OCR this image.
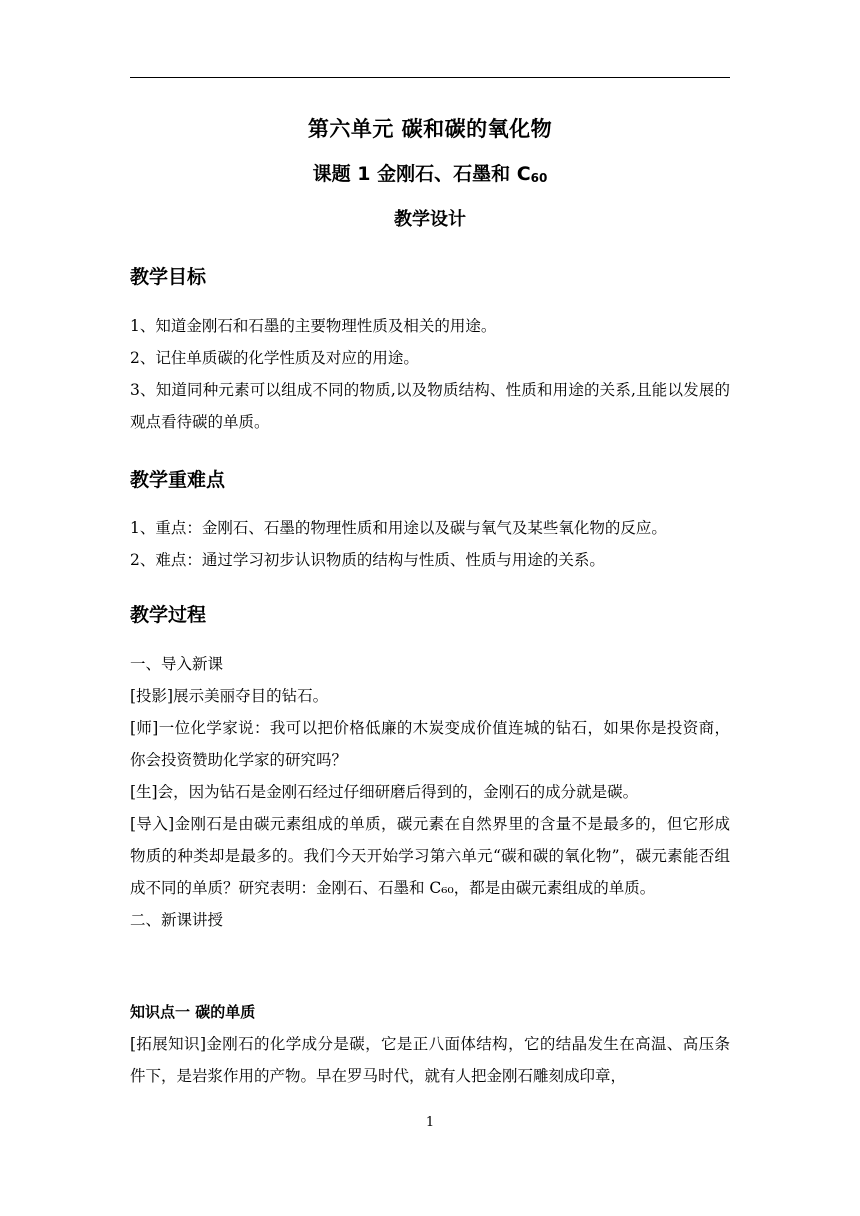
第六单元 碳和碳的氧化物
课题 1 金刚石、石墨和 $C_{60}$
教学设计
教学目标

1、知道金刚石和石墨的主要物理性质及相关的用途。

2、记住单质碳的化学性质及对应的用途。

3、知道同种元素可以组成不同的物质,以及物质结构、性质和用途的关系,且能以发展的观点看待碳的单质。

教学重难点

1、重点：金刚石、石墨的物理性质和用途以及碳与氧气及某些氧化物的反应。

2、难点：通过学习初步认识物质的结构与性质、性质与用途的关系。

教学过程

一、导入新课

[投影]展示美丽夺目的钻石。

[师]一位化学家说：我可以把价格低廉的木炭变成价值连城的钻石，如果你是投资商，你会投资赞助化学家的研究吗？

[生]会，因为钻石是金刚石经过仔细研磨后得到的，金刚石的成分就是碳。

[导入]金刚石是由碳元素组成的单质，碳元素在自然界里的含量不是最多的，但它形成物质的种类却是最多的。我们今天开始学习第六单元“碳和碳的氧化物”，碳元素能否组成不同的单质？研究表明：金刚石、石墨和 C₆₀，都是由碳元素组成的单质。

二、新课讲授

知识点一 碳的单质

[拓展知识]金刚石的化学成分是碳，它是正八面体结构，它的结晶发生在高温、高压条件下，是岩浆作用的产物。早在罗马时代，就有人把金刚石雕刻成印章，

1
